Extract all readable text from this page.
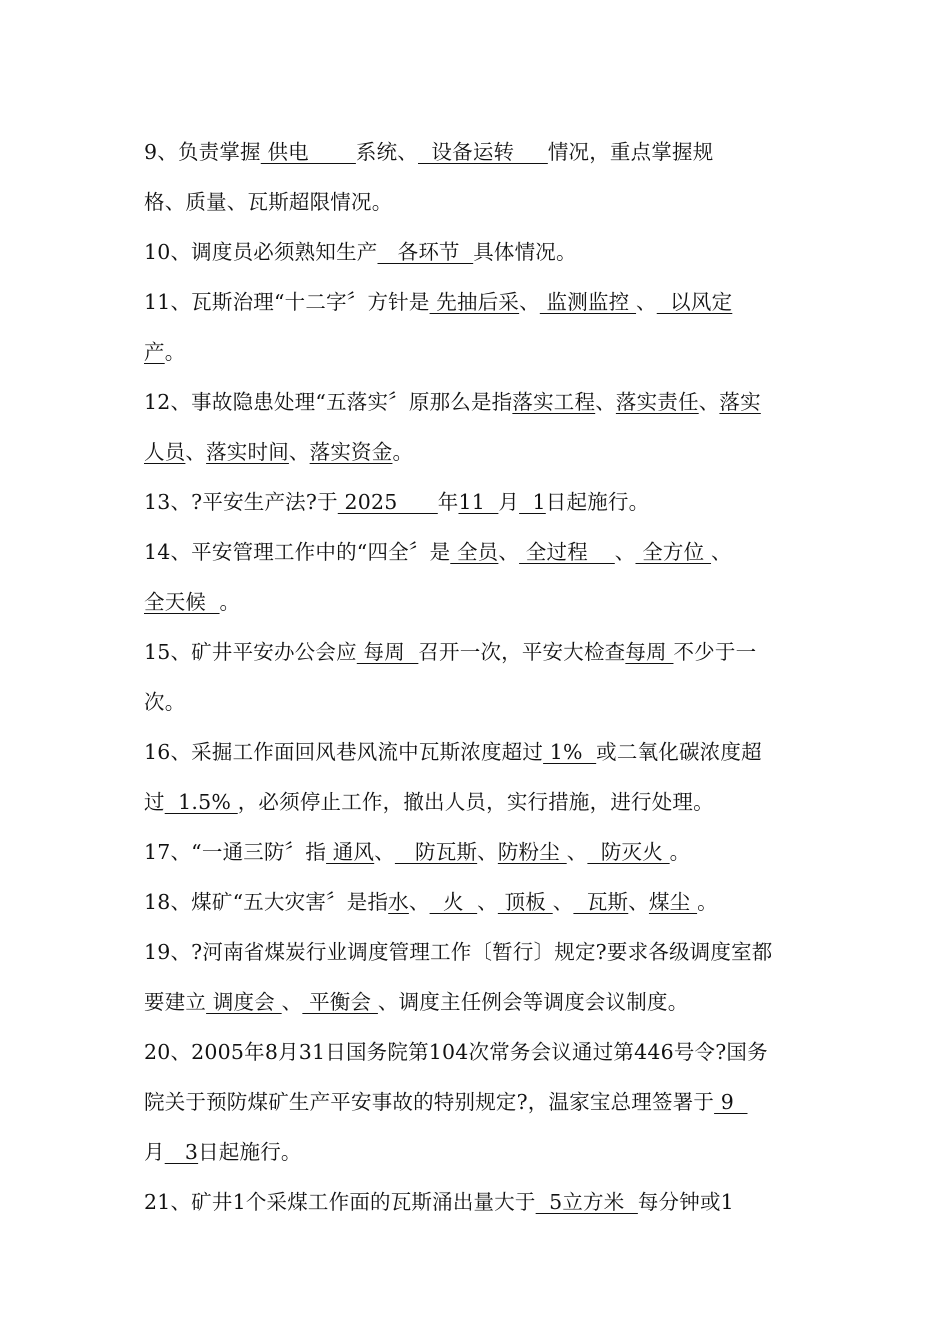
9、负责掌握 供电       系统、  设备运转     情况，重点掌握规
格、质量、瓦斯超限情况。
10、调度员必须熟知生产   各环节  具体情况。
11、瓦斯治理“十二字〞方针是 先抽后采、 监测监控 、  以风定
产。
12、事故隐患处理“五落实〞原那么是指落实工程、落实责任、落实
人员、落实时间、落实资金。
13、?平安生产法?于 2025      年11  月  1日起施行。
14、平安管理工作中的“四全〞是 全员、 全过程    、 全方位 、
全天候  。
15、矿井平安办公会应 每周  召开一次，平安大检查每周 不少于一
次。
16、采掘工作面回风巷风流中瓦斯浓度超过 1%  或二氧化碳浓度超
过  1.5% ，必须停止工作，撤出人员，实行措施，进行处理。
17、“一通三防〞指 通风、   防瓦斯、防粉尘 、  防灭火 。
18、煤矿“五大灾害〞是指水、  火  、 顶板 、  瓦斯、煤尘 。
19、?河南省煤炭行业调度管理工作〔暂行〕规定?要求各级调度室都
要建立 调度会 、 平衡会 、调度主任例会等调度会议制度。
20、2005年8月31日国务院第104次常务会议通过第446号令?国务
院关于预防煤矿生产平安事故的特别规定?，温家宝总理签署于 9
月   3日起施行。
21、矿井1个采煤工作面的瓦斯涌出量大于  5立方米  每分钟或1
